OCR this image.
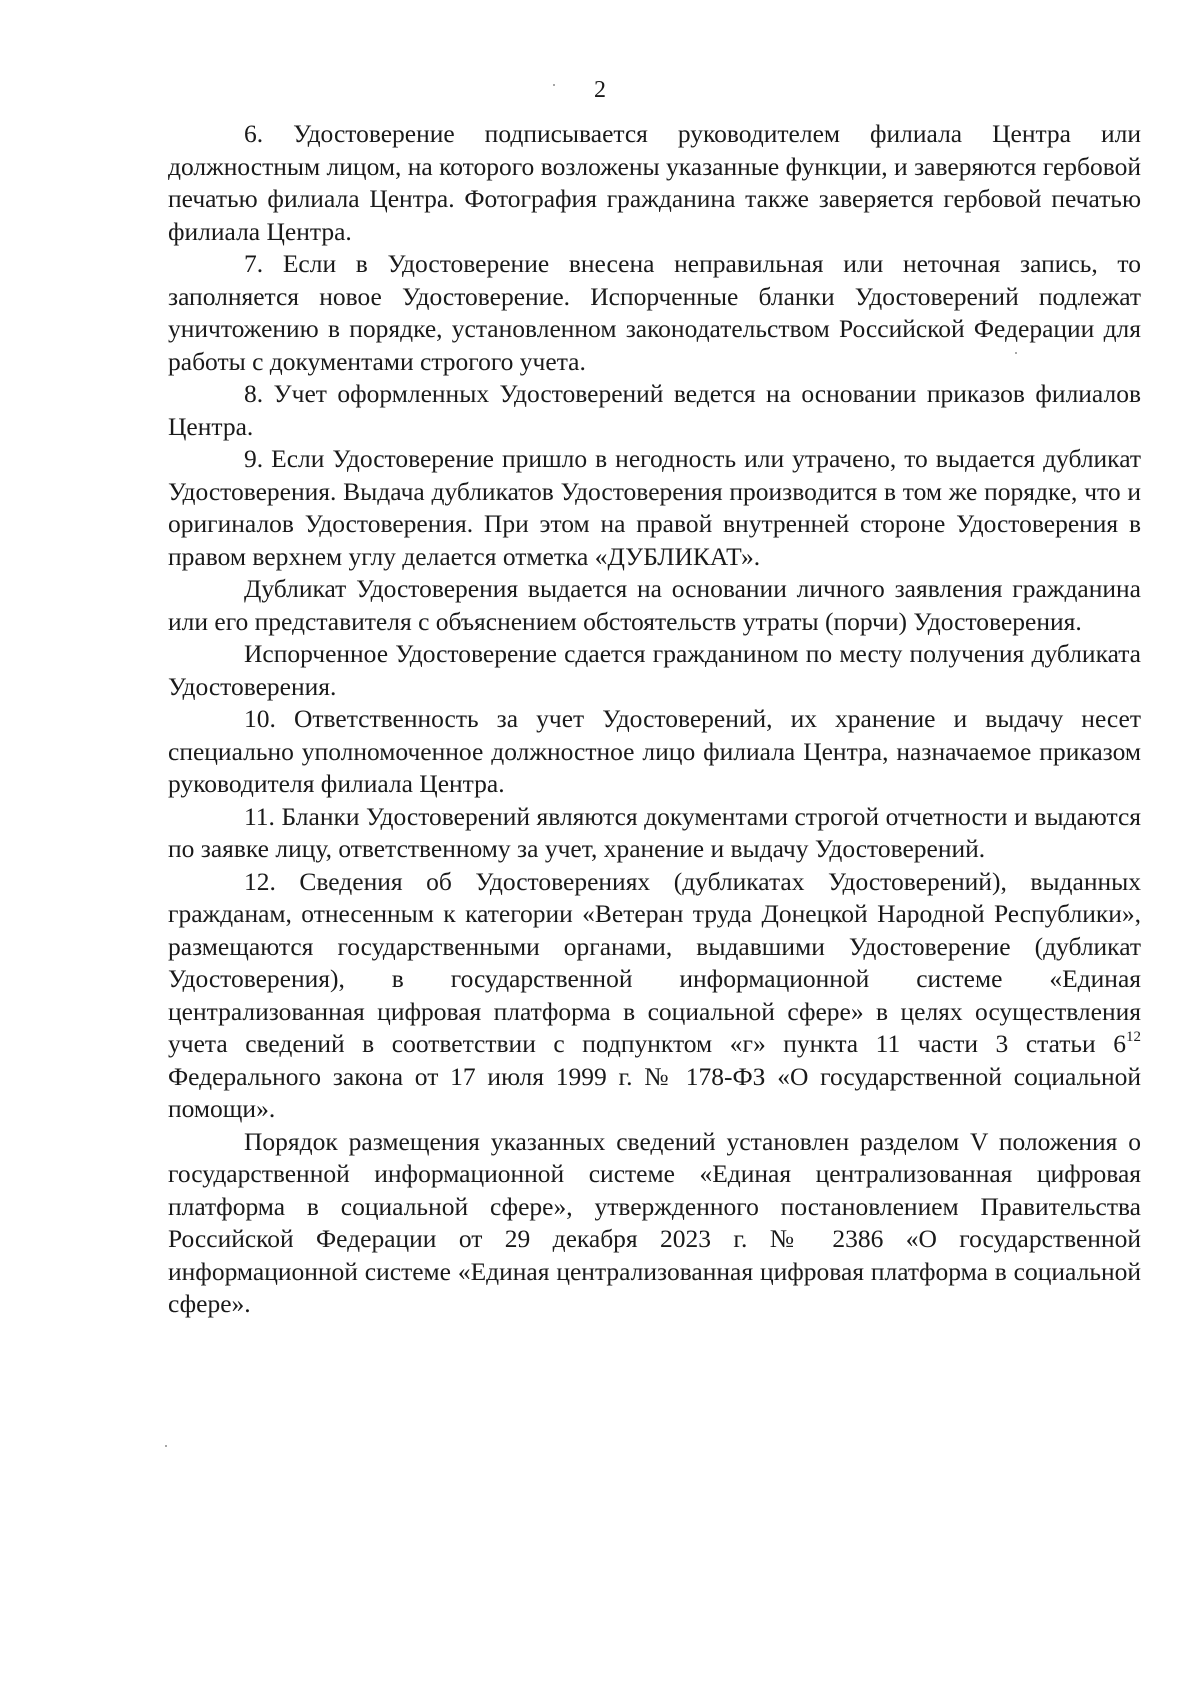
2

6. Удостоверение подписывается руководителем филиала Центра или должностным лицом, на которого возложены указанные функции, и заверяются гербовой печатью филиала Центра. Фотография гражданина также заверяется гербовой печатью филиала Центра.

7. Если в Удостоверение внесена неправильная или неточная запись, то заполняется новое Удостоверение. Испорченные бланки Удостоверений подлежат уничтожению в порядке, установленном законодательством Российской Федерации для работы с документами строгого учета.

8. Учет оформленных Удостоверений ведется на основании приказов филиалов Центра.

9. Если Удостоверение пришло в негодность или утрачено, то выдается дубликат Удостоверения. Выдача дубликатов Удостоверения производится в том же порядке, что и оригиналов Удостоверения. При этом на правой внутренней стороне Удостоверения в правом верхнем углу делается отметка «ДУБЛИКАТ».

Дубликат Удостоверения выдается на основании личного заявления гражданина или его представителя с объяснением обстоятельств утраты (порчи) Удостоверения.

Испорченное Удостоверение сдается гражданином по месту получения дубликата Удостоверения.

10. Ответственность за учет Удостоверений, их хранение и выдачу несет специально уполномоченное должностное лицо филиала Центра, назначаемое приказом руководителя филиала Центра.

11. Бланки Удостоверений являются документами строгой отчетности и выдаются по заявке лицу, ответственному за учет, хранение и выдачу Удостоверений.

12. Сведения об Удостоверениях (дубликатах Удостоверений), выданных гражданам, отнесенным к категории «Ветеран труда Донецкой Народной Республики», размещаются государственными органами, выдавшими Удостоверение (дубликат Удостоверения), в государственной информационной системе «Единая централизованная цифровая платформа в социальной сфере» в целях осуществления учета сведений в соответствии с подпунктом «г» пункта 11 части 3 статьи $6^{12}$ Федерального закона от 17 июля 1999 г. № 178-ФЗ «О государственной социальной помощи».

Порядок размещения указанных сведений установлен разделом V положения о государственной информационной системе «Единая централизованная цифровая платформа в социальной сфере», утвержденного постановлением Правительства Российской Федерации от 29 декабря 2023 г. № 2386 «О государственной информационной системе «Единая централизованная цифровая платформа в социальной сфере».
